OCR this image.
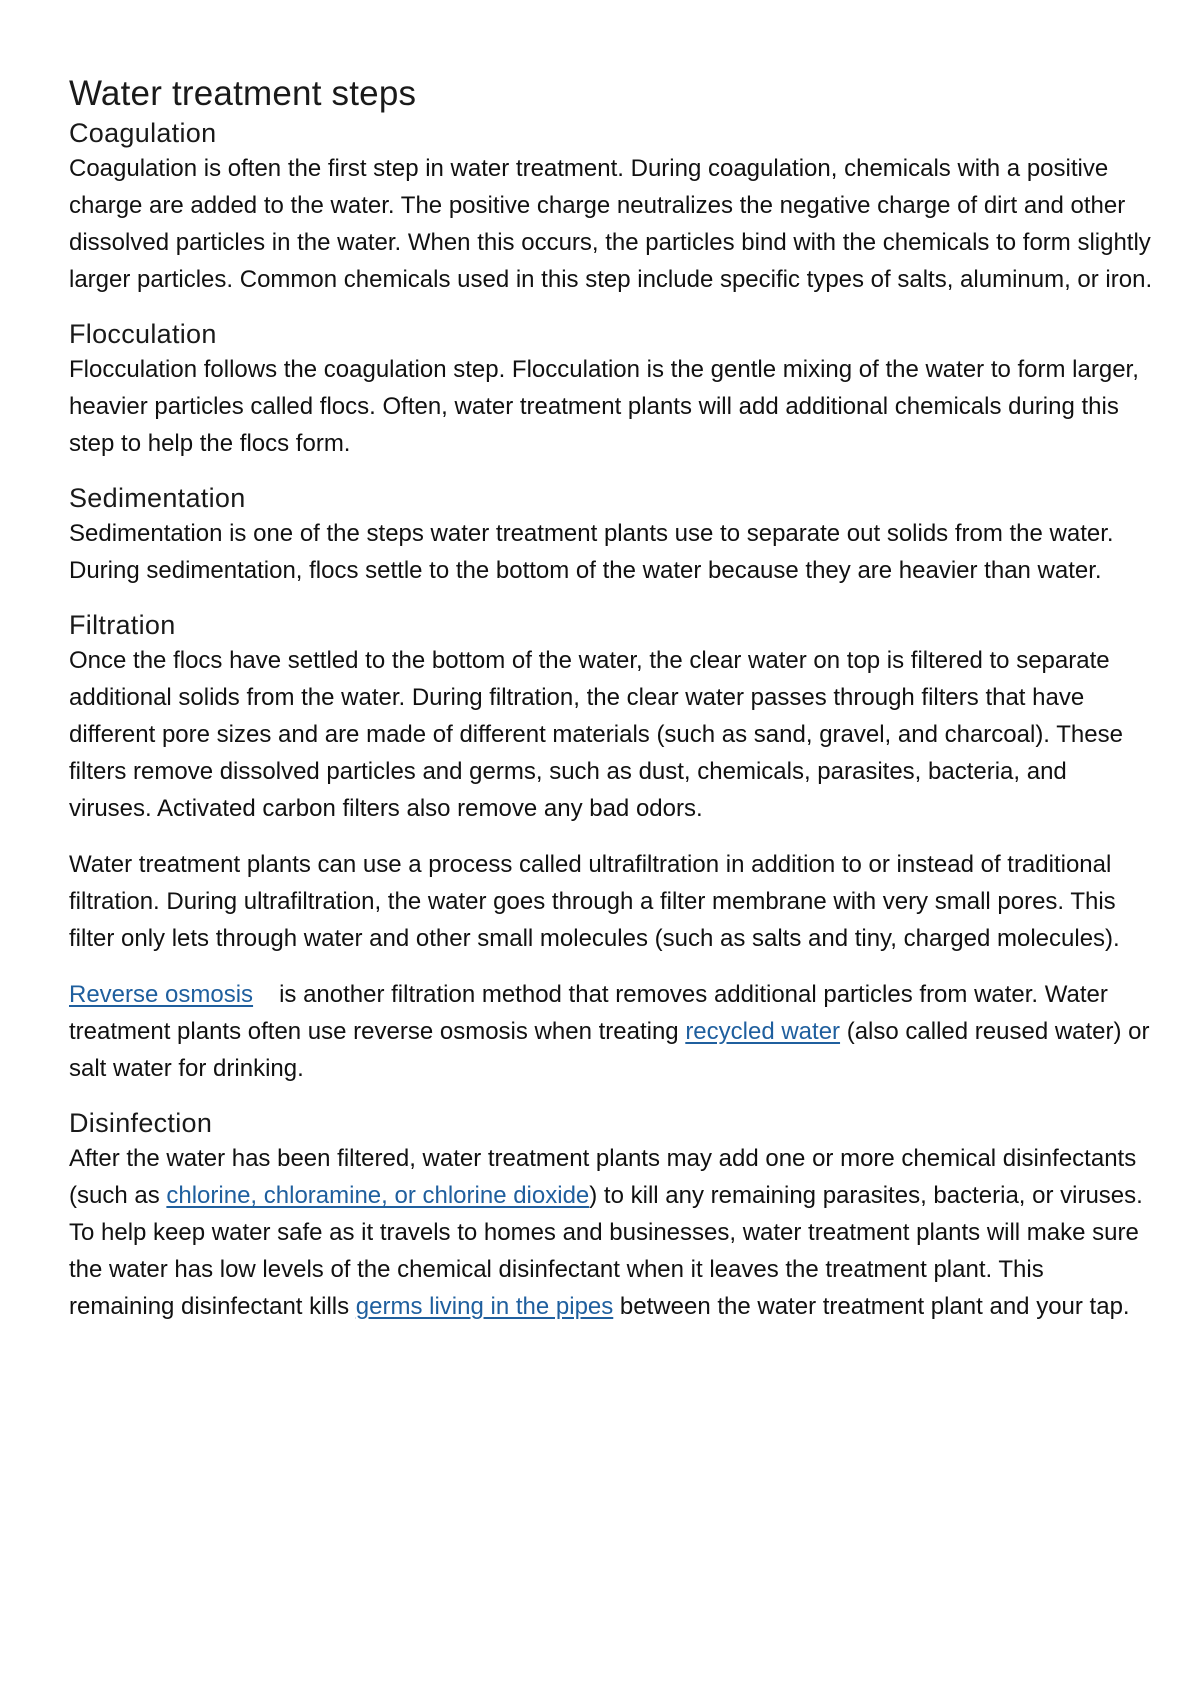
Water treatment steps
Coagulation

Coagulation is often the first step in water treatment. During coagulation, chemicals with a positive charge are added to the water. The positive charge neutralizes the negative charge of dirt and other dissolved particles in the water. When this occurs, the particles bind with the chemicals to form slightly larger particles. Common chemicals used in this step include specific types of salts, aluminum, or iron.

Flocculation

Flocculation follows the coagulation step. Flocculation is the gentle mixing of the water to form larger, heavier particles called flocs. Often, water treatment plants will add additional chemicals during this step to help the flocs form.

Sedimentation

Sedimentation is one of the steps water treatment plants use to separate out solids from the water. During sedimentation, flocs settle to the bottom of the water because they are heavier than water.

Filtration

Once the flocs have settled to the bottom of the water, the clear water on top is filtered to separate additional solids from the water. During filtration, the clear water passes through filters that have different pore sizes and are made of different materials (such as sand, gravel, and charcoal). These filters remove dissolved particles and germs, such as dust, chemicals, parasites, bacteria, and viruses. Activated carbon filters also remove any bad odors.

Water treatment plants can use a process called ultrafiltration in addition to or instead of traditional filtration. During ultrafiltration, the water goes through a filter membrane with very small pores. This filter only lets through water and other small molecules (such as salts and tiny, charged molecules).

Reverse osmosis is another filtration method that removes additional particles from water. Water treatment plants often use reverse osmosis when treating recycled water (also called reused water) or salt water for drinking.

Disinfection

After the water has been filtered, water treatment plants may add one or more chemical disinfectants (such as chlorine, chloramine, or chlorine dioxide) to kill any remaining parasites, bacteria, or viruses. To help keep water safe as it travels to homes and businesses, water treatment plants will make sure the water has low levels of the chemical disinfectant when it leaves the treatment plant. This remaining disinfectant kills germs living in the pipes between the water treatment plant and your tap.
